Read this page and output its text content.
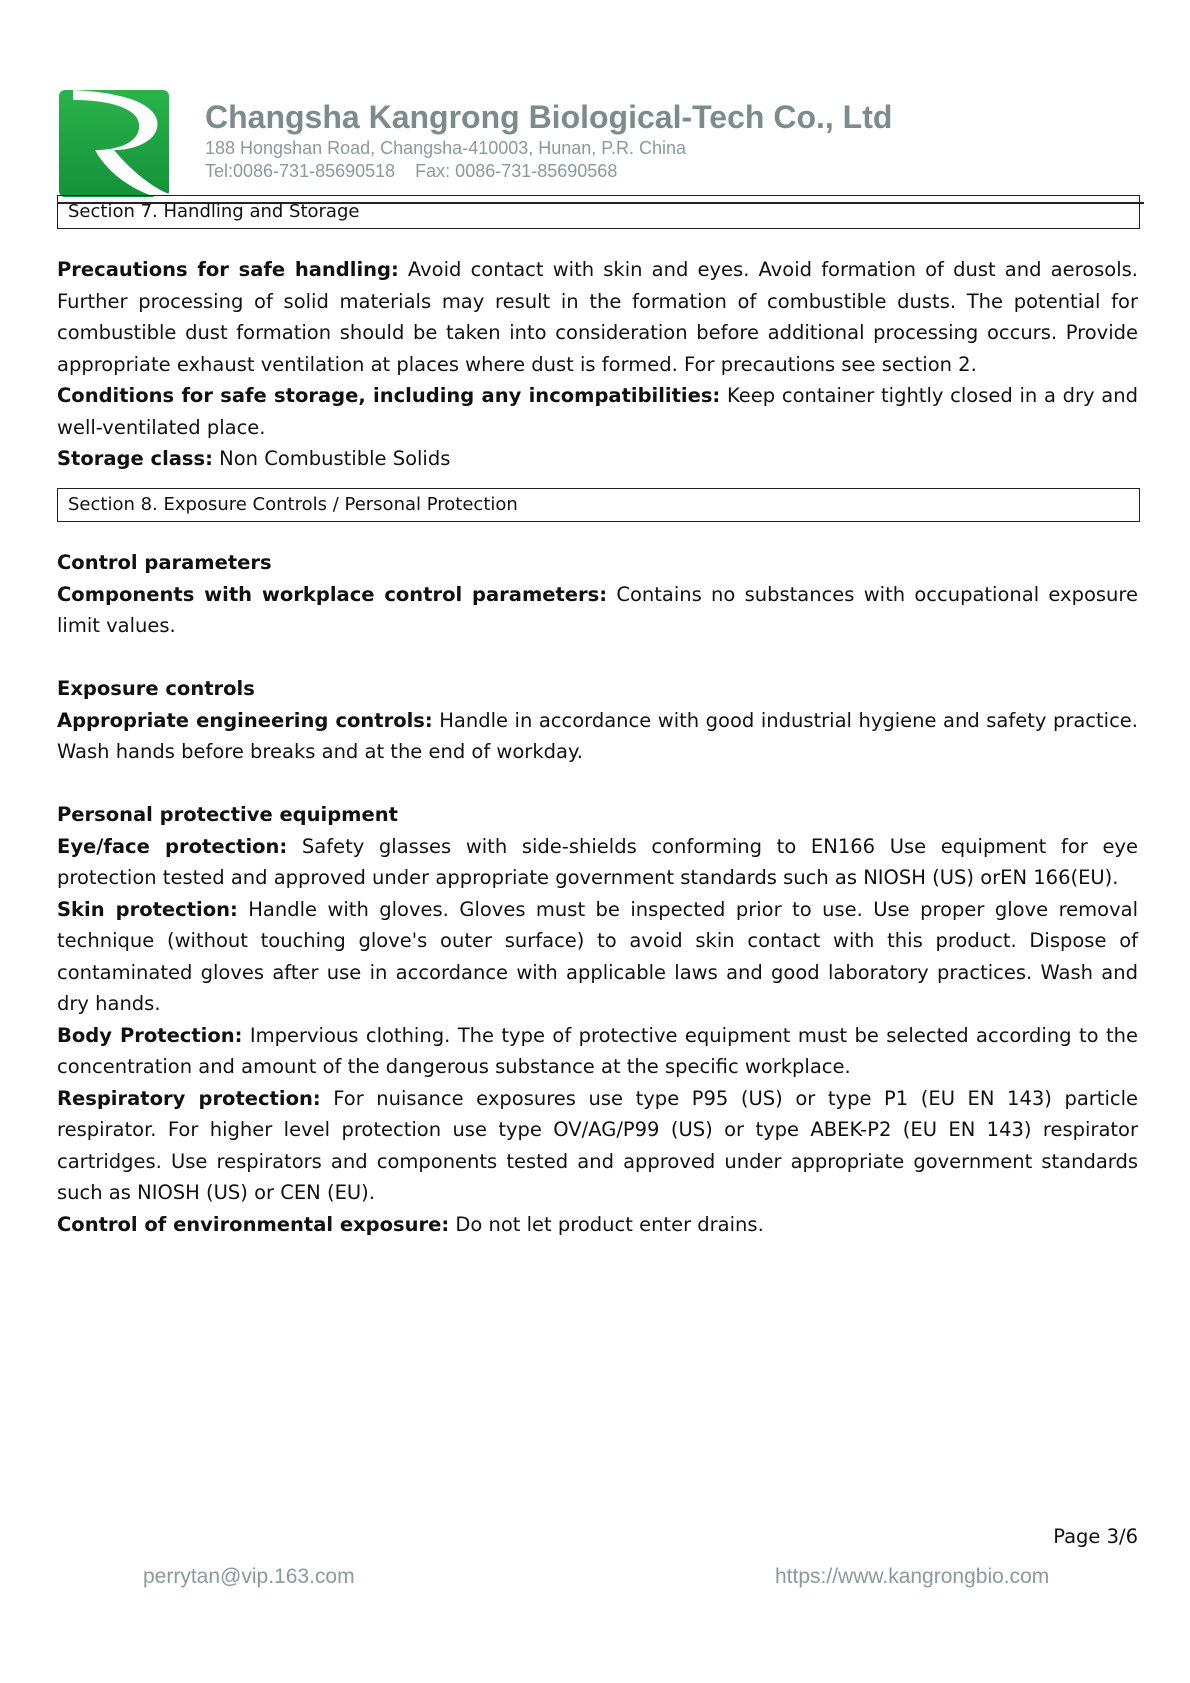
Changsha Kangrong Biological-Tech Co., Ltd

188 Hongshan Road, Changsha-410003, Hunan, P.R. China

Tel:0086-731-85690518 Fax: 0086-731-85690568

Section 7. Handling and Storage

Precautions for safe handling: Avoid contact with skin and eyes. Avoid formation of dust and aerosols. Further processing of solid materials may result in the formation of combustible dusts. The potential for combustible dust formation should be taken into consideration before additional processing occurs. Provide appropriate exhaust ventilation at places where dust is formed. For precautions see section 2.

Conditions for safe storage, including any incompatibilities: Keep container tightly closed in a dry and well-ventilated place.

Storage class: Non Combustible Solids

Section 8. Exposure Controls / Personal Protection

Control parameters

Components with workplace control parameters: Contains no substances with occupational exposure limit values.

Exposure controls

Appropriate engineering controls: Handle in accordance with good industrial hygiene and safety practice. Wash hands before breaks and at the end of workday.

Personal protective equipment

Eye/face protection: Safety glasses with side-shields conforming to EN166 Use equipment for eye protection tested and approved under appropriate government standards such as NIOSH (US) orEN 166(EU).

Skin protection: Handle with gloves. Gloves must be inspected prior to use. Use proper glove removal technique (without touching glove's outer surface) to avoid skin contact with this product. Dispose of contaminated gloves after use in accordance with applicable laws and good laboratory practices. Wash and dry hands.

Body Protection: Impervious clothing. The type of protective equipment must be selected according to the concentration and amount of the dangerous substance at the specific workplace.

Respiratory protection: For nuisance exposures use type P95 (US) or type P1 (EU EN 143) particle respirator. For higher level protection use type OV/AG/P99 (US) or type ABEK-P2 (EU EN 143) respirator cartridges. Use respirators and components tested and approved under appropriate government standards such as NIOSH (US) or CEN (EU).

Control of environmental exposure: Do not let product enter drains.

Page 3/6
perrytan@vip.163.com	https://www.kangrongbio.com
